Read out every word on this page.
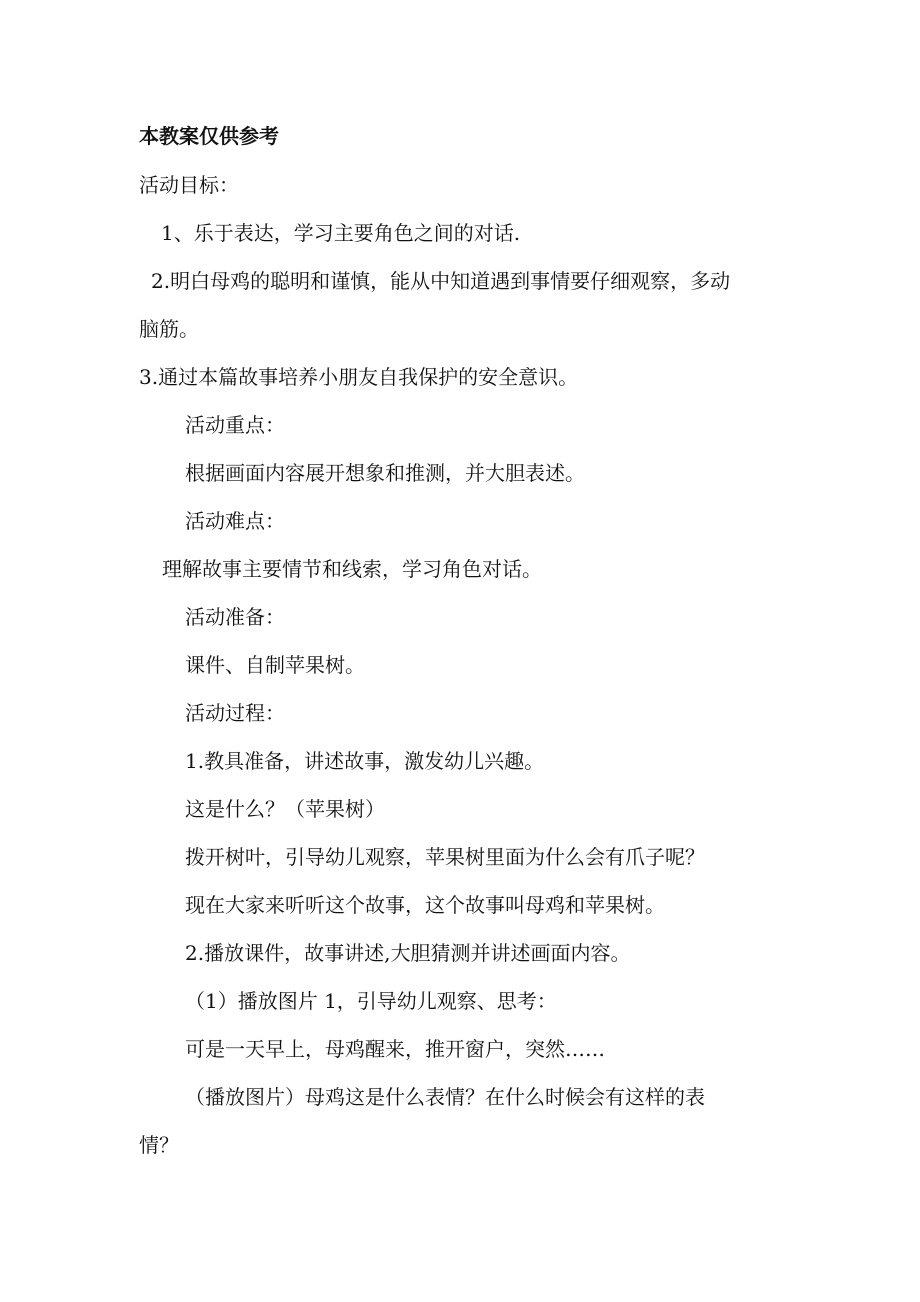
本教案仅供参考
活动目标：
1、乐于表达，学习主要角色之间的对话.
2.明白母鸡的聪明和谨慎，能从中知道遇到事情要仔细观察，多动
脑筋。
3.通过本篇故事培养小朋友自我保护的安全意识。
活动重点：
根据画面内容展开想象和推测，并大胆表述。
活动难点：
理解故事主要情节和线索，学习角色对话。
活动准备：
课件、自制苹果树。
活动过程：
1.教具准备，讲述故事，激发幼儿兴趣。
这是什么？（苹果树）
拨开树叶，引导幼儿观察，苹果树里面为什么会有爪子呢？
现在大家来听听这个故事，这个故事叫母鸡和苹果树。
2.播放课件，故事讲述,大胆猜测并讲述画面内容。
（1）播放图片 1，引导幼儿观察、思考：
可是一天早上，母鸡醒来，推开窗户，突然……
（播放图片）母鸡这是什么表情？在什么时候会有这样的表
情？
